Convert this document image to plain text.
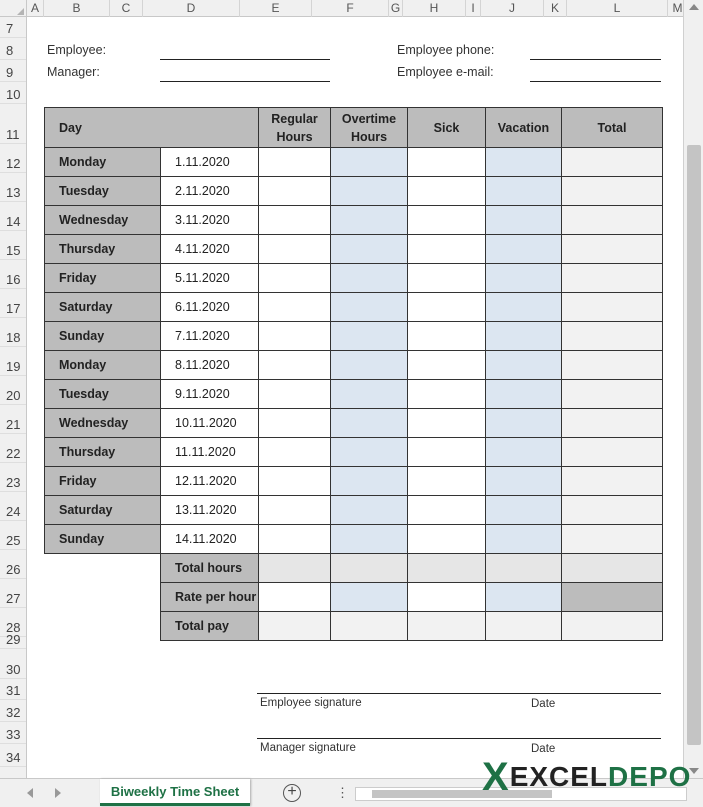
A	B	C	D	E	F	G	H	I	J	K	L	M
7
8
9
10
11
12
13
14
15
16
17
18
19
20
21
22
23
24
25
26
27
28
29
30
31
32
33
34
Employee:
Manager:
Employee phone:
Employee e-mail:
Day		Regular Hours	Overtime Hours	Sick	Vacation	Total
Monday	1.11.2020					
Tuesday	2.11.2020					
Wednesday	3.11.2020					
Thursday	4.11.2020					
Friday	5.11.2020					
Saturday	6.11.2020					
Sunday	7.11.2020					
Monday	8.11.2020					
Tuesday	9.11.2020					
Wednesday	10.11.2020					
Thursday	11.11.2020					
Friday	12.11.2020					
Saturday	13.11.2020					
Sunday	14.11.2020					
	Total hours					
	Rate per hour					
	Total pay					
Employee signature	Date
Manager signature	Date
Biweekly Time Sheet	+	⋮	X EXCEL DEPO
